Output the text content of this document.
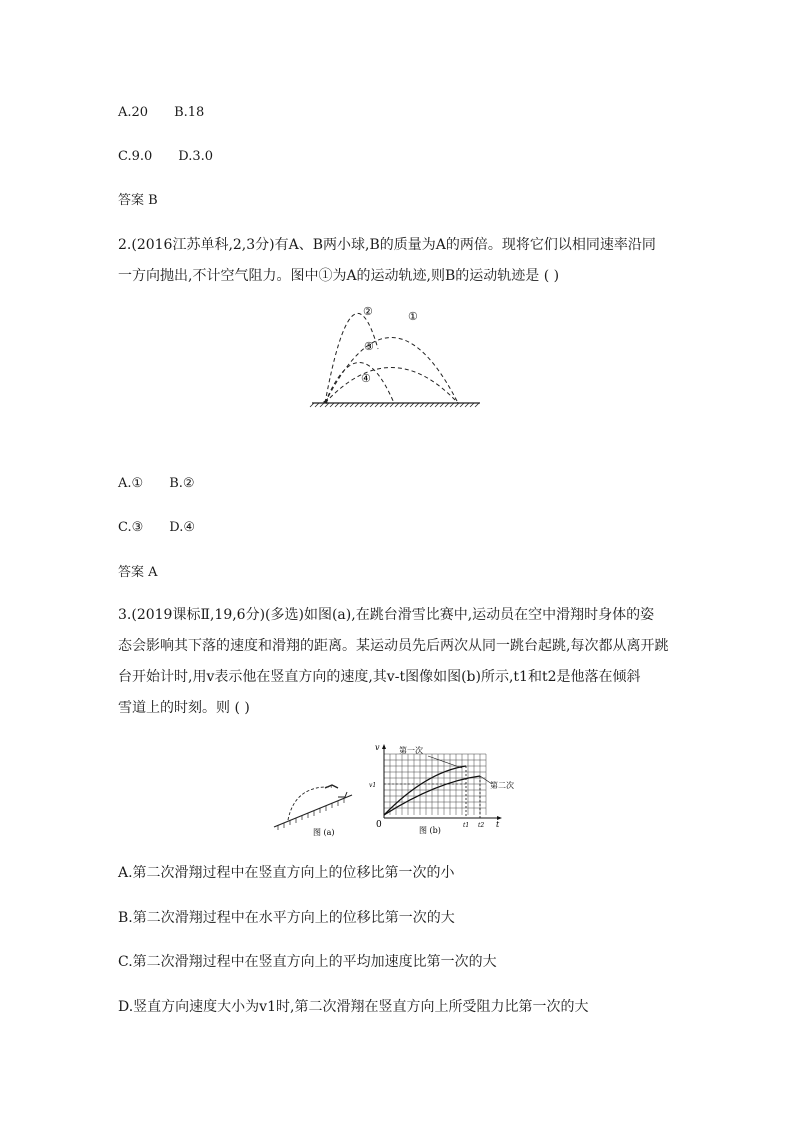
A.20 B.18
C.9.0 D.3.0
答案 B
2.(2016江苏单科,2,3分)有A、B两小球,B的质量为A的两倍。现将它们以相同速率沿同
一方向抛出,不计空气阻力。图中①为A的运动轨迹,则B的运动轨迹是 ( )
②	①
③
④
A.① B.②
C.③ D.④
答案 A
3.(2019课标Ⅱ,19,6分)(多选)如图(a),在跳台滑雪比赛中,运动员在空中滑翔时身体的姿
态会影响其下落的速度和滑翔的距离。某运动员先后两次从同一跳台起跳,每次都从离开跳
台开始计时,用v表示他在竖直方向的速度,其v-t图像如图(b)所示,t1和t2是他落在倾斜
雪道上的时刻。则 ( )
图 (a)
v
v1
0	t1 t2 t
第一次
第二次
图 (b)
A.第二次滑翔过程中在竖直方向上的位移比第一次的小
B.第二次滑翔过程中在水平方向上的位移比第一次的大
C.第二次滑翔过程中在竖直方向上的平均加速度比第一次的大
D.竖直方向速度大小为v1时,第二次滑翔在竖直方向上所受阻力比第一次的大
